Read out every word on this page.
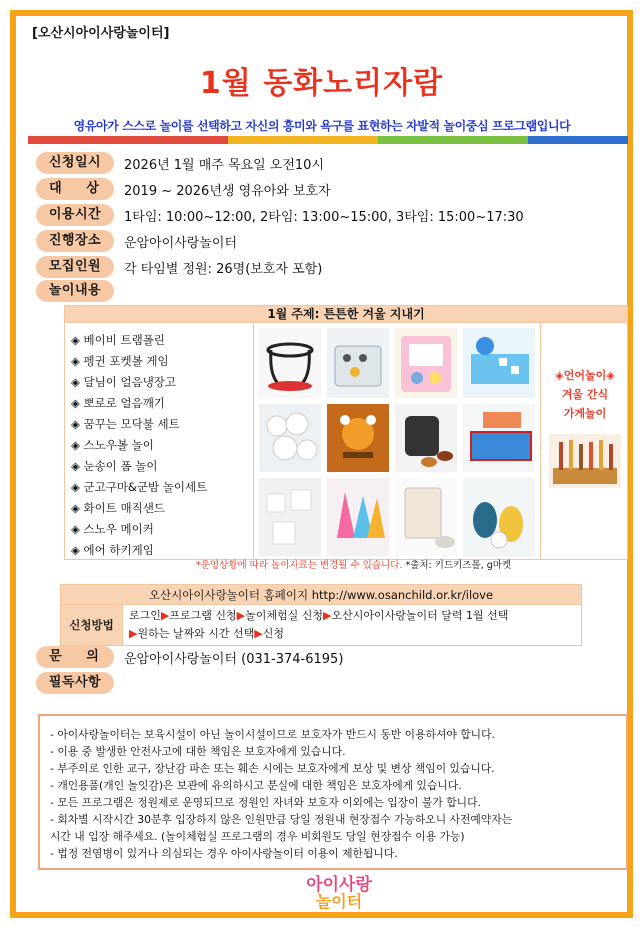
[오산시아이사랑놀이터]
1월 동화노리자람
영유아가 스스로 놀이를 선택하고 자신의 흥미와 욕구를 표현하는 자발적 놀이중심 프로그램입니다
신청일시	2026년 1월 매주 목요일 오전10시
대 상	2019 ~ 2026년생 영유아와 보호자
이용시간	1타임: 10:00~12:00, 2타임: 13:00~15:00, 3타임: 15:00~17:30
진행장소	운암아이사랑놀이터
모집인원	각 타임별 정원: 26명(보호자 포함)
놀이내용
1월 주제: 튼튼한 겨울 지내기
◈ 베이비 트램폴린
◈ 펭귄 포켓볼 게임
◈ 달님이 얼음냉장고
◈ 뽀로로 얼음깨기
◈ 꿈꾸는 모닥불 세트
◈ 스노우볼 놀이
◈ 눈송이 폼 놀이
◈ 군고구마&군밤 놀이세트
◈ 화이트 매직샌드
◈ 스노우 메이커
◈ 에어 하키게임
◈언어놀이◈
겨울 간식
가게놀이
*운영상황에 따라 놀이자료는 변경될 수 있습니다. *출처: 키드키즈몰, g마켓
오산시아이사랑놀이터 홈페이지 http://www.osanchild.or.kr/ilove
신청방법
로그인▶프로그램 신청▶놀이체험실 신청▶오산시아이사랑놀이터 달력 1월 선택
▶원하는 날짜와 시간 선택▶신청
문 의	운암아이사랑놀이터 (031-374-6195)
필독사항
- 아이사랑놀이터는 보육시설이 아닌 놀이시설이므로 보호자가 반드시 동반 이용하셔야 합니다.
- 이용 중 발생한 안전사고에 대한 책임은 보호자에게 있습니다.
- 부주의로 인한 교구, 장난감 파손 또는 훼손 시에는 보호자에게 보상 및 변상 책임이 있습니다.
- 개인용품(개인 놀잇감)은 보관에 유의하시고 분실에 대한 책임은 보호자에게 있습니다.
- 모든 프로그램은 정원제로 운영되므로 정원인 자녀와 보호자 이외에는 입장이 불가 합니다.
- 회차별 시작시간 30분후 입장하지 않은 인원만큼 당일 정원내 현장접수 가능하오니 사전예약자는
시간 내 입장 해주세요. (놀이체험실 프로그램의 경우 비회원도 당일 현장접수 이용 가능)
- 법정 전염병이 있거나 의심되는 경우 아이사랑놀이터 이용이 제한됩니다.
아이사랑
놀이터
